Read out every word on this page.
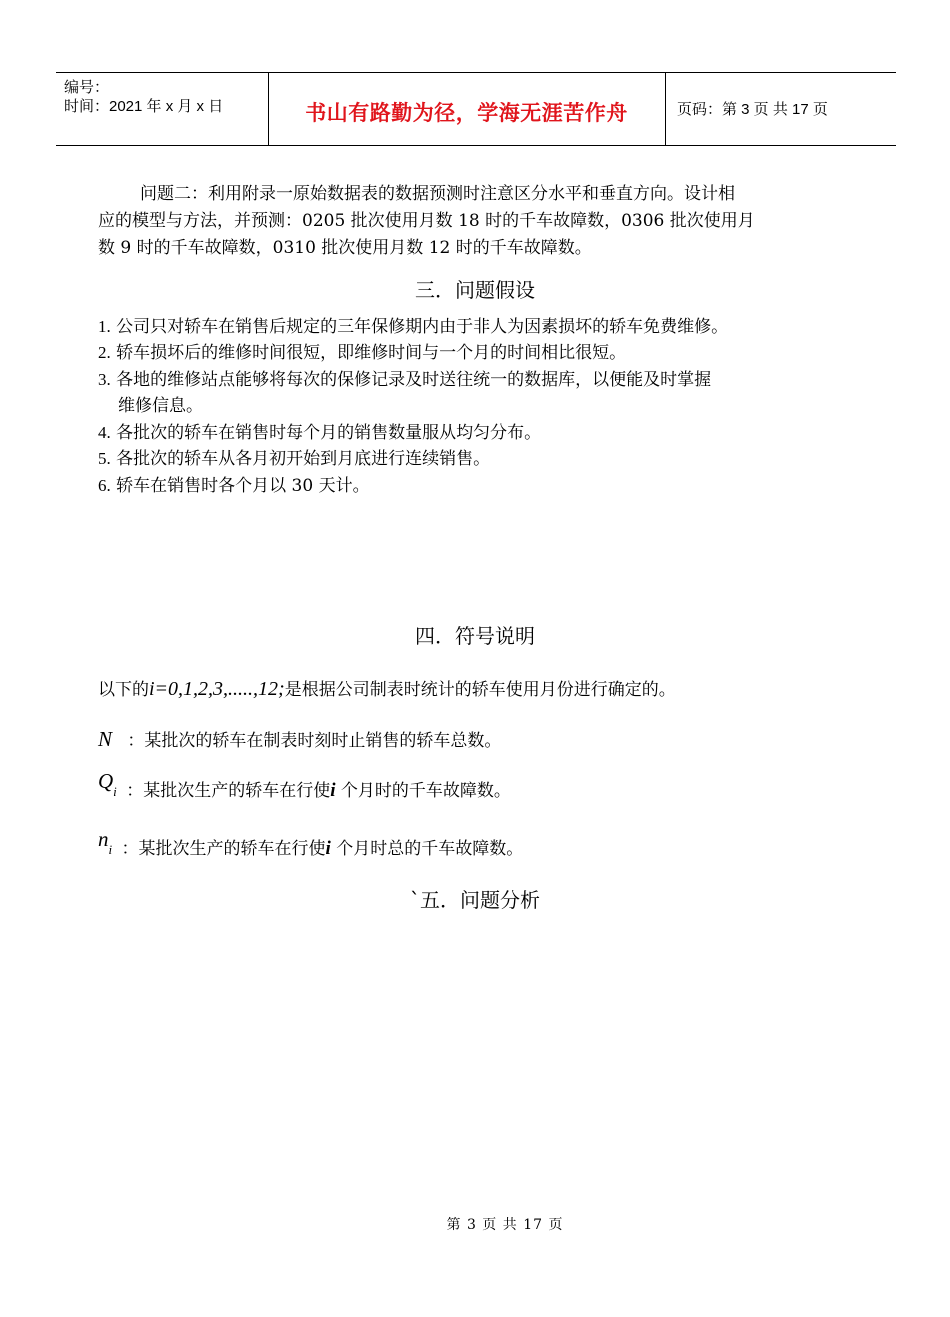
编号：
时间：2021 年 x 月 x 日	书山有路勤为径，学海无涯苦作舟	页码：第 3 页 共 17 页
问题二：利用附录一原始数据表的数据预测时注意区分水平和垂直方向。设计相
应的模型与方法，并预测：0205 批次使用月数 18 时的千车故障数，0306 批次使用月
数 9 时的千车故障数，0310 批次使用月数 12 时的千车故障数。
三．问题假设
1. 公司只对轿车在销售后规定的三年保修期内由于非人为因素损坏的轿车免费维修。
2. 轿车损坏后的维修时间很短，即维修时间与一个月的时间相比很短。
3. 各地的维修站点能够将每次的保修记录及时送往统一的数据库，以便能及时掌握
维修信息。
4. 各批次的轿车在销售时每个月的销售数量服从均匀分布。
5. 各批次的轿车从各月初开始到月底进行连续销售。
6. 轿车在销售时各个月以 30 天计。
四．符号说明
以下的i=0,1,2,3,.....,12;是根据公司制表时统计的轿车使用月份进行确定的。
N ：某批次的轿车在制表时刻时止销售的轿车总数。
$Q_i$ ：某批次生产的轿车在行使i 个月时的千车故障数。
$n_i$ ：某批次生产的轿车在行使i 个月时总的千车故障数。
`五．问题分析
第 3 页 共 17 页
